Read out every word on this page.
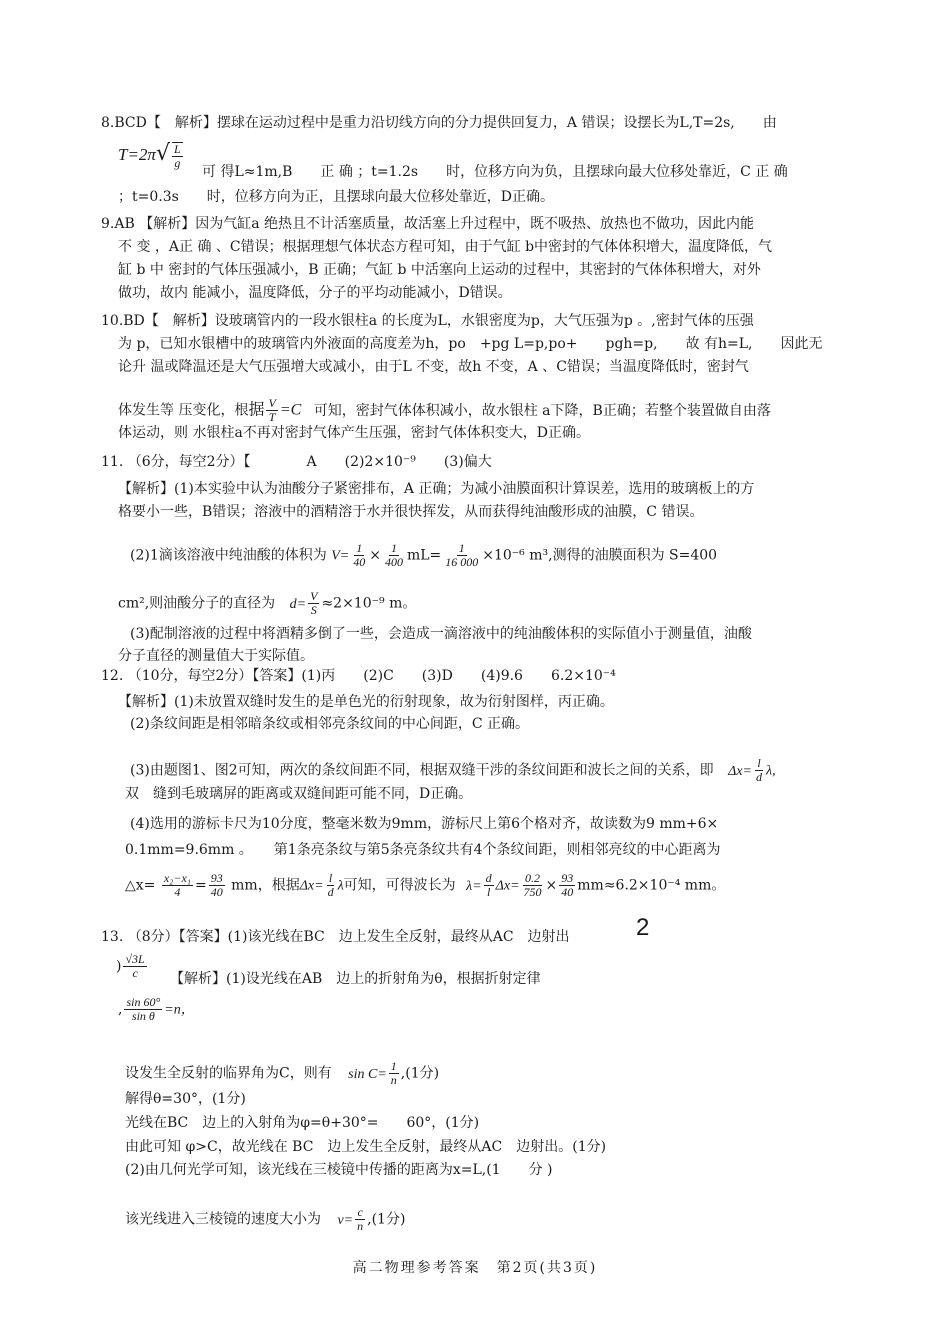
8.BCD【　解析】摆球在运动过程中是重力沿切线方向的分力提供回复力，A 错误；设摆长为L,T=2s,　　由
$T=2\pi√ \frac{L}{g}$
可 得L≈1m,B　　正 确 ；t=1.2s　　时，位移方向为负，且摆球向最大位移处靠近，C 正 确
；t=0.3s　　时，位移方向为正，且摆球向最大位移处靠近，D正确。
9.AB 【解析】因为气缸a 绝热且不计活塞质量，故活塞上升过程中，既不吸热、放热也不做功，因此内能
不 变 ，A正 确 、C错误；根据理想气体状态方程可知，由于气缸 b中密封的气体体积增大，温度降低，气
缸 b 中 密封的气体压强减小，B 正确；气缸 b 中活塞向上运动的过程中，其密封的气体体积增大，对外
做功，故内 能减小，温度降低，分子的平均动能减小，D错误。
10.BD【　解析】设玻璃管内的一段水银柱a 的长度为L，水银密度为p，大气压强为p 。,密封气体的压强
为 p，已知水银槽中的玻璃管内外液面的高度差为h，po　+pg L=p,po+　　pgh=p,　　故 有h=L,　　因此无
论升 温或降温还是大气压强增大或减小，由于L 不变，故h 不变，A 、C错误；当温度降低时，密封气
体发生等 压变化，根据 $\frac{V}{T} =C$ 可知，密封气体体积减小，故水银柱 a下降，B正确；若整个装置做自由落
体运动，则 水银柱a不再对密封气体产生压强，密封气体体积变大，D正确。
11. （6分，每空2分）【　　　　A　　(2)2×10⁻⁹　　(3)偏大
【解析】(1)本实验中认为油酸分子紧密排布，A 正确；为减小油膜面积计算误差，选用的玻璃板上的方
格要小一些，B错误；溶液中的酒精溶于水并很快挥发，从而获得纯油酸形成的油膜，C 错误。
(2)1滴该溶液中纯油酸的体积为 $V= \frac{1}{40} \times \frac{1}{400} mL= \frac{1}{16 000} \times 10^{-6}$ m³,测得的油膜面积为 S=400
cm²,则油酸分子的直径为 $d= \frac{V}{S} \approx 2\times 10^{-9}$ m。
(3)配制溶液的过程中将酒精多倒了一些，会造成一滴溶液中的纯油酸体积的实际值小于测量值，油酸
分子直径的测量值大于实际值。
12. （10分，每空2分）【答案】(1)丙　　(2)C　　(3)D　　(4)9.6　　6.2×10⁻⁴
【解析】(1)未放置双缝时发生的是单色光的衍射现象，故为衍射图样，丙正确。
(2)条纹间距是相邻暗条纹或相邻亮条纹间的中心间距，C 正确。
(3)由题图1、图2可知，两次的条纹间距不同，根据双缝干涉的条纹间距和波长之间的关系，即 $\Delta x= \frac{l}{d} \lambda$,
双　缝到毛玻璃屏的距离或双缝间距可能不同，D正确。
(4)选用的游标卡尺为10分度，整毫米数为9mm，游标尺上第6个格对齐，故读数为9 mm+6×
0.1mm=9.6mm 。　　第1条亮条纹与第5条亮条纹共有4个条纹间距，则相邻亮纹的中心距离为
△x= $\frac{\text{x₂−x₁}}{4} = \frac{93}{40}$ mm，根据$\Delta x= \frac{l}{d}$ λ可知，可得波长为 $\lambda= \frac{d}{l} \Delta x= \frac{0.2}{750} \times \frac{93}{40} mm\approx 6.2\times 10^{-4}$ mm。
13. （8分）【答案】(1)该光线在BC　边上发生全反射，最终从AC　边射出	2
) $\frac{√3L}{c}$ 【解析】(1)设光线在AB　边上的折射角为θ，根据折射定律
, $\frac{\sin 60^\circ}{\text{sin θ}} =n$，
设发生全反射的临界角为C，则有 $\sin C= \frac{1}{n} ,(1$分)
解得θ=30°，(1分)
光线在BC　边上的入射角为φ=θ+30°=　　60°，(1分)
由此可知 φ>C，故光线在 BC　边上发生全反射，最终从AC　边射出。(1分)
(2)由几何光学可知，该光线在三棱镜中传播的距离为x=L,(1　　分 )
该光线进入三棱镜的速度大小为 $v= \frac{c}{n} ,(1$分)
高二物理参考答案　第2页(共3页)
